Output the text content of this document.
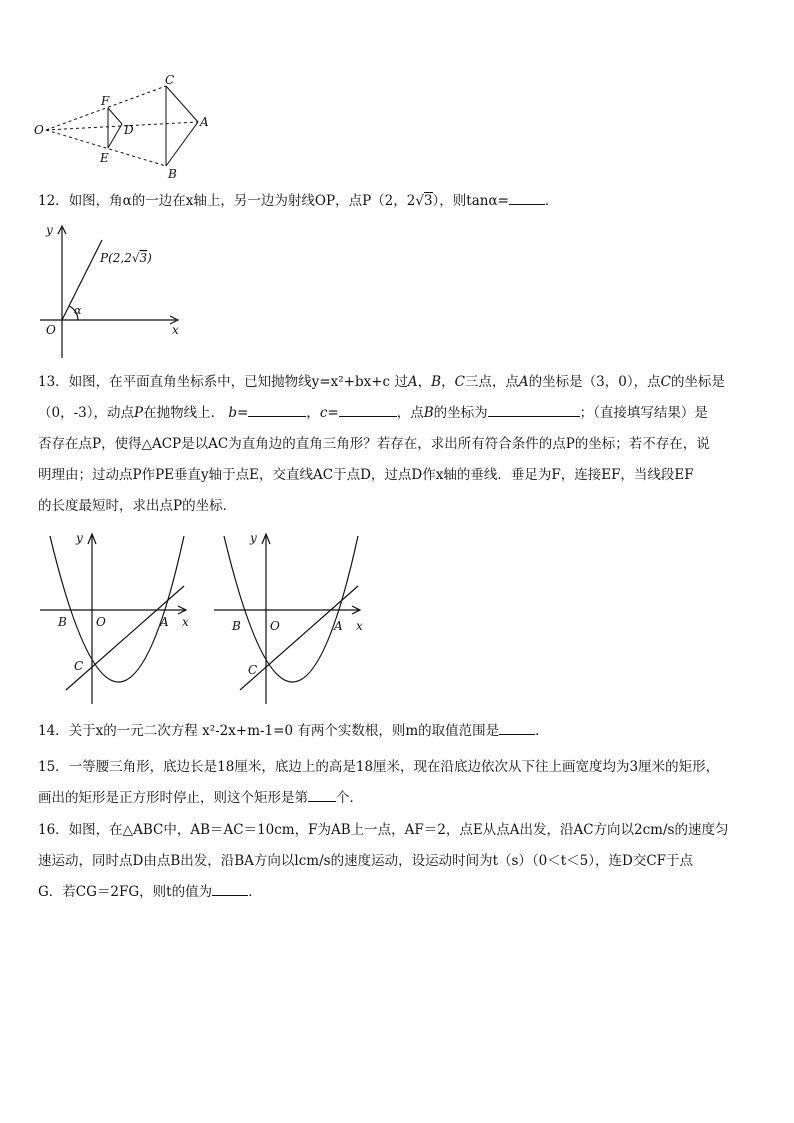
O
F
E
D
C
A
B
12．如图，角α的一边在x轴上，另一边为射线OP，点P（2，2√3），则tanα=	．
y
x
O
α
P(2,2√3)
13．如图，在平面直角坐标系中，已知抛物线y=x²+bx+c 过A，B，C三点，点A的坐标是（3，0），点C的坐标是
（0，-3），动点P在抛物线上． b=	，c=	，点B的坐标为	；（直接填写结果）是
否存在点P，使得△ACP是以AC为直角边的直角三角形？若存在，求出所有符合条件的点P的坐标；若不存在，说
明理由；过动点P作PE垂直y轴于点E，交直线AC于点D，过点D作x轴的垂线．垂足为F，连接EF，当线段EF
的长度最短时，求出点P的坐标．
y
x
O	A
B
C
y
x
O	A
B
C
14．关于x的一元二次方程 x²-2x+m-1=0 有两个实数根，则m的取值范围是	．
15．一等腰三角形，底边长是18厘米，底边上的高是18厘米，现在沿底边依次从下往上画宽度均为3厘米的矩形，
画出的矩形是正方形时停止，则这个矩形是第 个．
16．如图，在△ABC中，AB＝AC＝10cm，F为AB上一点，AF＝2，点E从点A出发，沿AC方向以2cm/s的速度匀
速运动，同时点D由点B出发，沿BA方向以lcm/s的速度运动，设运动时间为t（s）（0＜t＜5），连D交CF于点
G．若CG＝2FG，则t的值为	．
